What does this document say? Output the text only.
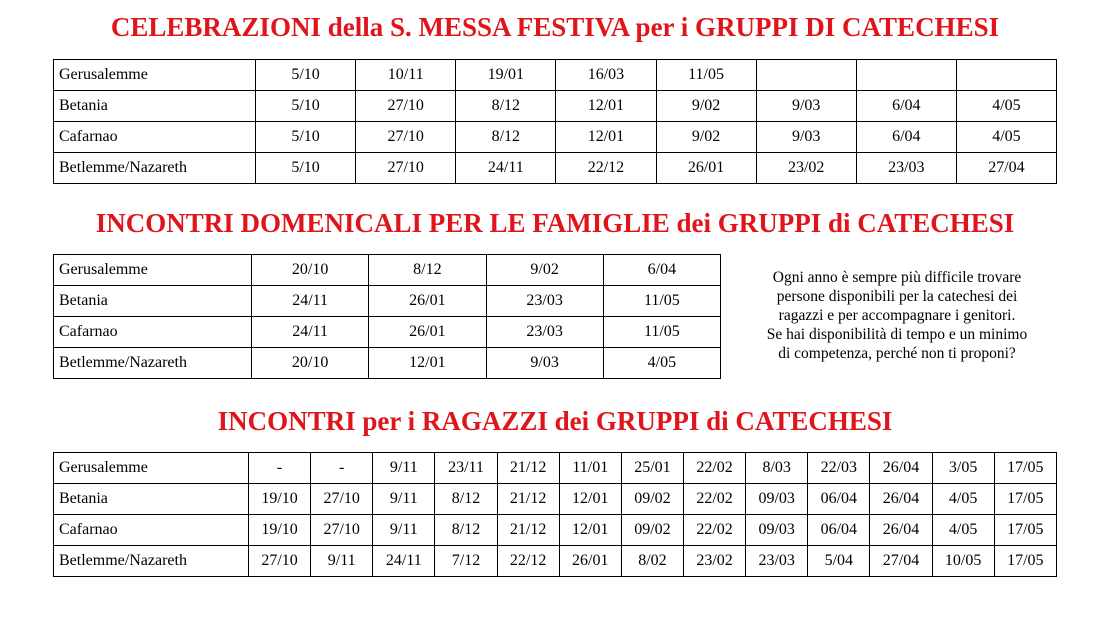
CELEBRAZIONI della S. MESSA FESTIVA per i GRUPPI DI CATECHESI
Gerusalemme	5/10	10/11	19/01	16/03	11/05			
Betania	5/10	27/10	8/12	12/01	9/02	9/03	6/04	4/05
Cafarnao	5/10	27/10	8/12	12/01	9/02	9/03	6/04	4/05
Betlemme/Nazareth	5/10	27/10	24/11	22/12	26/01	23/02	23/03	27/04
INCONTRI DOMENICALI PER LE FAMIGLIE dei GRUPPI di CATECHESI
Gerusalemme	20/10	8/12	9/02	6/04
Betania	24/11	26/01	23/03	11/05
Cafarnao	24/11	26/01	23/03	11/05
Betlemme/Nazareth	20/10	12/01	9/03	4/05
Ogni anno è sempre più difficile trovare
persone disponibili per la catechesi dei
ragazzi e per accompagnare i genitori.
Se hai disponibilità di tempo e un minimo
di competenza, perché non ti proponi?
INCONTRI per i RAGAZZI dei GRUPPI di CATECHESI
Gerusalemme	-	-	9/11	23/11	21/12	11/01	25/01	22/02	8/03	22/03	26/04	3/05	17/05
Betania	19/10	27/10	9/11	8/12	21/12	12/01	09/02	22/02	09/03	06/04	26/04	4/05	17/05
Cafarnao	19/10	27/10	9/11	8/12	21/12	12/01	09/02	22/02	09/03	06/04	26/04	4/05	17/05
Betlemme/Nazareth	27/10	9/11	24/11	7/12	22/12	26/01	8/02	23/02	23/03	5/04	27/04	10/05	17/05
